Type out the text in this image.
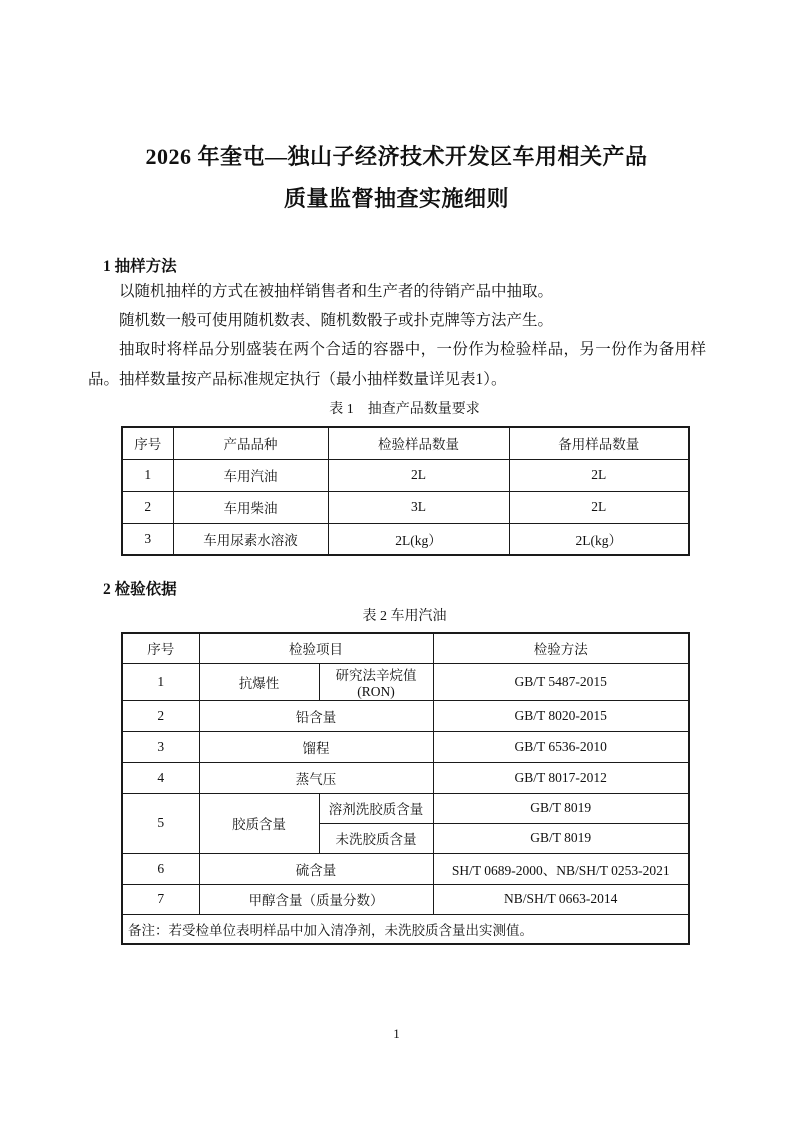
2026 年奎屯—独山子经济技术开发区车用相关产品
质量监督抽查实施细则
1 抽样方法

以随机抽样的方式在被抽样销售者和生产者的待销产品中抽取。

随机数一般可使用随机数表、随机数骰子或扑克牌等方法产生。

抽取时将样品分别盛装在两个合适的容器中，一份作为检验样品，另一份作为备用样品。抽样数量按产品标准规定执行（最小抽样数量详见表1）。

表 1　抽查产品数量要求
序号	产品品种	检验样品数量	备用样品数量
1	车用汽油	2L	2L
2	车用柴油	3L	2L
3	车用尿素水溶液	2L(kg）	2L(kg）
2 检验依据
表 2 车用汽油
序号	检验项目		检验方法
1	抗爆性	研究法辛烷值(RON)	GB/T 5487-2015
2	铅含量		GB/T 8020-2015
3	馏程		GB/T 6536-2010
4	蒸气压		GB/T 8017-2012
5	胶质含量	溶剂洗胶质含量	GB/T 8019
		未洗胶质含量	GB/T 8019
6	硫含量		SH/T 0689-2000、NB/SH/T 0253-2021
7	甲醇含量（质量分数）		NB/SH/T 0663-2014
备注：若受检单位表明样品中加入清净剂，未洗胶质含量出实测值。			
1
